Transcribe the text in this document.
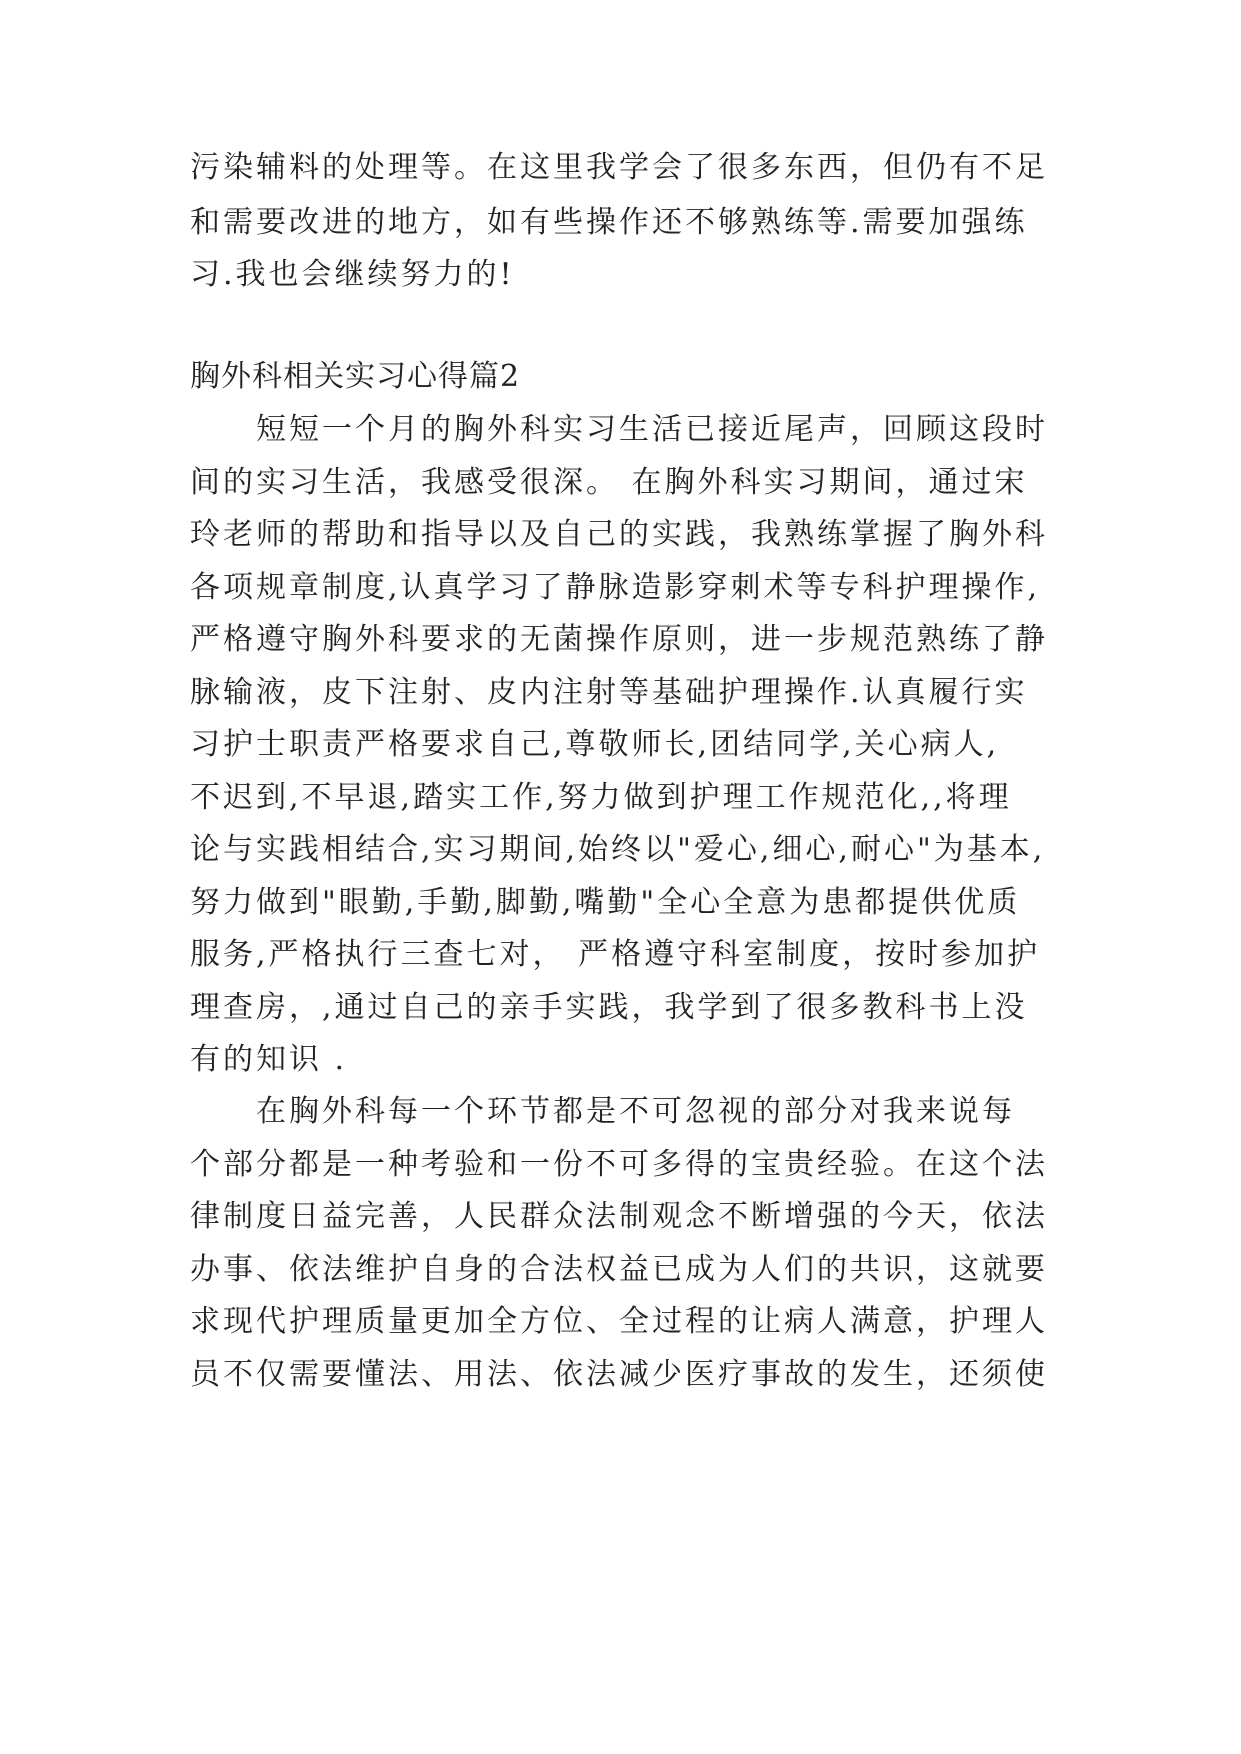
污染辅料的处理等。在这里我学会了很多东西，但仍有不足

和需要改进的地方，如有些操作还不够熟练等.需要加强练

习.我也会继续努力的!

胸外科相关实习心得篇2

　　短短一个月的胸外科实习生活已接近尾声，回顾这段时

间的实习生活，我感受很深。 在胸外科实习期间，通过宋

玲老师的帮助和指导以及自己的实践，我熟练掌握了胸外科

各项规章制度,认真学习了静脉造影穿刺术等专科护理操作,

严格遵守胸外科要求的无菌操作原则，进一步规范熟练了静

脉输液，皮下注射、皮内注射等基础护理操作.认真履行实

习护士职责严格要求自己,尊敬师长,团结同学,关心病人,

不迟到,不早退,踏实工作,努力做到护理工作规范化,,将理

论与实践相结合,实习期间,始终以"爱心,细心,耐心"为基本,

努力做到"眼勤,手勤,脚勤,嘴勤"全心全意为患都提供优质

服务,严格执行三查七对， 严格遵守科室制度，按时参加护

理查房，,通过自己的亲手实践，我学到了很多教科书上没

有的知识 .

　　在胸外科每一个环节都是不可忽视的部分对我来说每

个部分都是一种考验和一份不可多得的宝贵经验。在这个法

律制度日益完善，人民群众法制观念不断增强的今天，依法

办事、依法维护自身的合法权益已成为人们的共识，这就要

求现代护理质量更加全方位、全过程的让病人满意，护理人

员不仅需要懂法、用法、依法减少医疗事故的发生，还须使
